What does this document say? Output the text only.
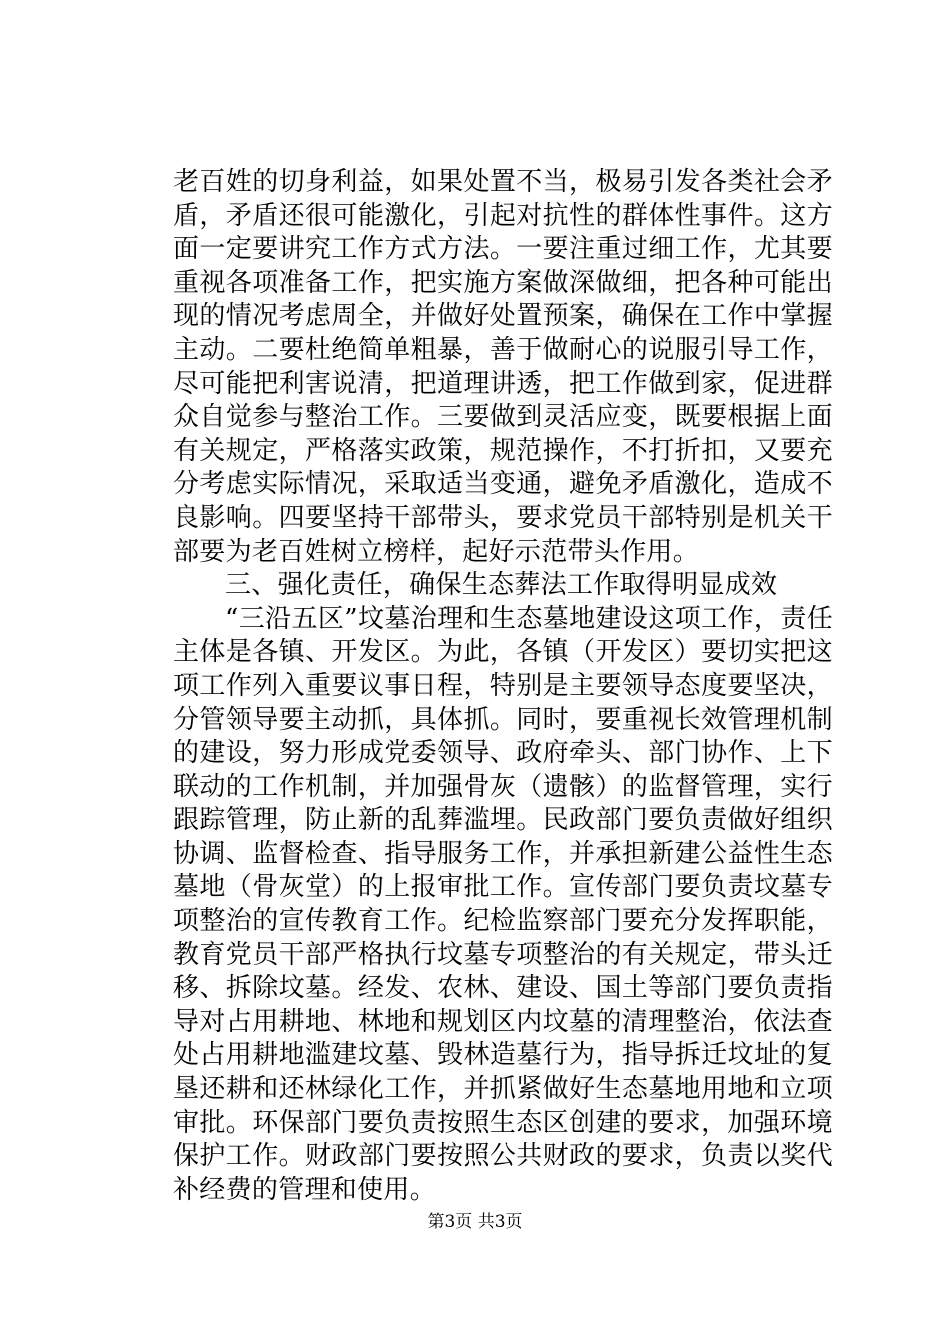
老百姓的切身利益，如果处置不当，极易引发各类社会矛盾，矛盾还很可能激化，引起对抗性的群体性事件。这方面一定要讲究工作方式方法。一要注重过细工作，尤其要重视各项准备工作，把实施方案做深做细，把各种可能出现的情况考虑周全，并做好处置预案，确保在工作中掌握主动。二要杜绝简单粗暴，善于做耐心的说服引导工作，尽可能把利害说清，把道理讲透，把工作做到家，促进群众自觉参与整治工作。三要做到灵活应变，既要根据上面有关规定，严格落实政策，规范操作，不打折扣，又要充分考虑实际情况，采取适当变通，避免矛盾激化，造成不良影响。四要坚持干部带头，要求党员干部特别是机关干部要为老百姓树立榜样，起好示范带头作用。

三、强化责任，确保生态葬法工作取得明显成效

“三沿五区”坟墓治理和生态墓地建设这项工作，责任主体是各镇、开发区。为此，各镇（开发区）要切实把这项工作列入重要议事日程，特别是主要领导态度要坚决，分管领导要主动抓，具体抓。同时，要重视长效管理机制的建设，努力形成党委领导、政府牵头、部门协作、上下联动的工作机制，并加强骨灰（遗骸）的监督管理，实行跟踪管理，防止新的乱葬滥埋。民政部门要负责做好组织协调、监督检查、指导服务工作，并承担新建公益性生态墓地（骨灰堂）的上报审批工作。宣传部门要负责坟墓专项整治的宣传教育工作。纪检监察部门要充分发挥职能，教育党员干部严格执行坟墓专项整治的有关规定，带头迁移、拆除坟墓。经发、农林、建设、国土等部门要负责指导对占用耕地、林地和规划区内坟墓的清理整治，依法查处占用耕地滥建坟墓、毁林造墓行为，指导拆迁坟址的复垦还耕和还林绿化工作，并抓紧做好生态墓地用地和立项审批。环保部门要负责按照生态区创建的要求，加强环境保护工作。财政部门要按照公共财政的要求，负责以奖代补经费的管理和使用。

第3页 共3页
